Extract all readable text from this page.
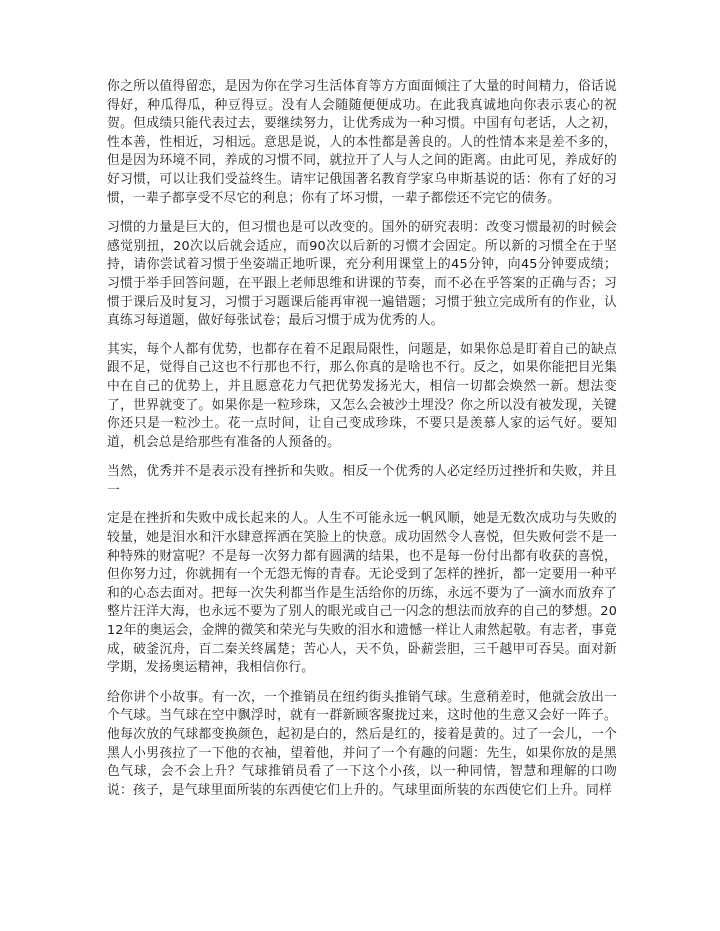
你之所以值得留恋，是因为你在学习生活体育等方方面面倾注了大量的时间精力，俗话说得好，种瓜得瓜，种豆得豆。没有人会随随便便成功。在此我真诚地向你表示衷心的祝贺。但成绩只能代表过去，要继续努力，让优秀成为一种习惯。中国有句老话，人之初，性本善，性相近，习相远。意思是说，人的本性都是善良的。人的性情本来是差不多的，但是因为环境不同，养成的习惯不同，就拉开了人与人之间的距离。由此可见，养成好的好习惯，可以让我们受益终生。请牢记俄国著名教育学家乌申斯基说的话：你有了好的习惯，一辈子都享受不尽它的利息；你有了坏习惯，一辈子都偿还不完它的债务。

习惯的力量是巨大的，但习惯也是可以改变的。国外的研究表明：改变习惯最初的时候会感觉别扭，20次以后就会适应，而90次以后新的习惯才会固定。所以新的习惯全在于坚持，请你尝试着习惯于坐姿端正地听课，充分利用课堂上的45分钟，向45分钟要成绩；习惯于举手回答问题，在平跟上老师思维和讲课的节奏，而不必在乎答案的正确与否；习惯于课后及时复习，习惯于习题课后能再审视一遍错题；习惯于独立完成所有的作业，认真练习每道题，做好每张试卷；最后习惯于成为优秀的人。

其实，每个人都有优势，也都存在着不足跟局限性，问题是，如果你总是盯着自己的缺点跟不足，觉得自己这也不行那也不行，那么你真的是啥也不行。反之，如果你能把目光集中在自己的优势上，并且愿意花力气把优势发扬光大，相信一切都会焕然一新。想法变了，世界就变了。如果你是一粒珍珠，又怎么会被沙土埋没？你之所以没有被发现，关键你还只是一粒沙土。花一点时间，让自己变成珍珠，不要只是羡慕人家的运气好。要知道，机会总是给那些有准备的人预备的。

当然，优秀并不是表示没有挫折和失败。相反一个优秀的人必定经历过挫折和失败，并且一

定是在挫折和失败中成长起来的人。人生不可能永远一帆风顺，她是无数次成功与失败的较量，她是泪水和汗水肆意挥洒在笑脸上的快意。成功固然令人喜悦，但失败何尝不是一种特殊的财富呢？不是每一次努力都有圆满的结果，也不是每一份付出都有收获的喜悦，但你努力过，你就拥有一个无怨无悔的青春。无论受到了怎样的挫折，都一定要用一种平和的心态去面对。把每一次失利都当作是生活给你的历练，永远不要为了一滴水而放弃了整片汪洋大海，也永远不要为了别人的眼光或自己一闪念的想法而放弃的自己的梦想。2012年的奥运会，金牌的微笑和荣光与失败的泪水和遗憾一样让人肃然起敬。有志者，事竟成，破釜沉舟，百二秦关终属楚；苦心人，天不负，卧薪尝胆，三千越甲可吞吴。面对新学期，发扬奥运精神，我相信你行。

给你讲个小故事。有一次，一个推销员在纽约街头推销气球。生意稍差时，他就会放出一个气球。当气球在空中飘浮时，就有一群新顾客聚拢过来，这时他的生意又会好一阵子。他每次放的气球都变换颜色，起初是白的，然后是红的，接着是黄的。过了一会儿，一个黑人小男孩拉了一下他的衣袖，望着他，并问了一个有趣的问题：先生，如果你放的是黑色气球，会不会上升？气球推销员看了一下这个小孩，以一种同情，智慧和理解的口吻说：孩子，是气球里面所装的东西使它们上升的。气球里面所装的东西使它们上升。同样
